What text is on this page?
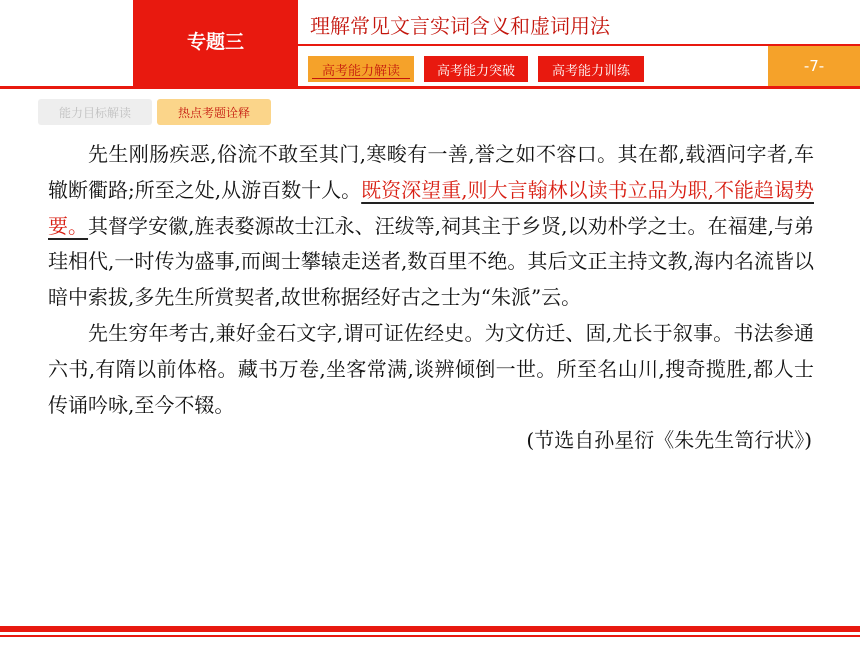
专题三
理解常见文言实词含义和虚词用法
高考能力解读	高考能力突破	高考能力训练	-7-
能力目标解读	热点考题诠释

先生刚肠疾恶,俗流不敢至其门,寒畯有一善,誉之如不容口。其在都,载酒问字者,车辙断衢路;所至之处,从游百数十人。既资深望重,则大言翰林以读书立品为职,不能趋谒势要。其督学安徽,旌表婺源故士江永、汪绂等,祠其主于乡贤,以劝朴学之士。在福建,与弟珪相代,一时传为盛事,而闽士攀辕走送者,数百里不绝。其后文正主持文教,海内名流皆以暗中索拔,多先生所赏契者,故世称据经好古之士为“朱派”云。

先生穷年考古,兼好金石文字,谓可证佐经史。为文仿迁、固,尤长于叙事。书法参通六书,有隋以前体格。藏书万卷,坐客常满,谈辨倾倒一世。所至名山川,搜奇揽胜,都人士传诵吟咏,至今不辍。

(节选自孙星衍《朱先生笥行状》)
